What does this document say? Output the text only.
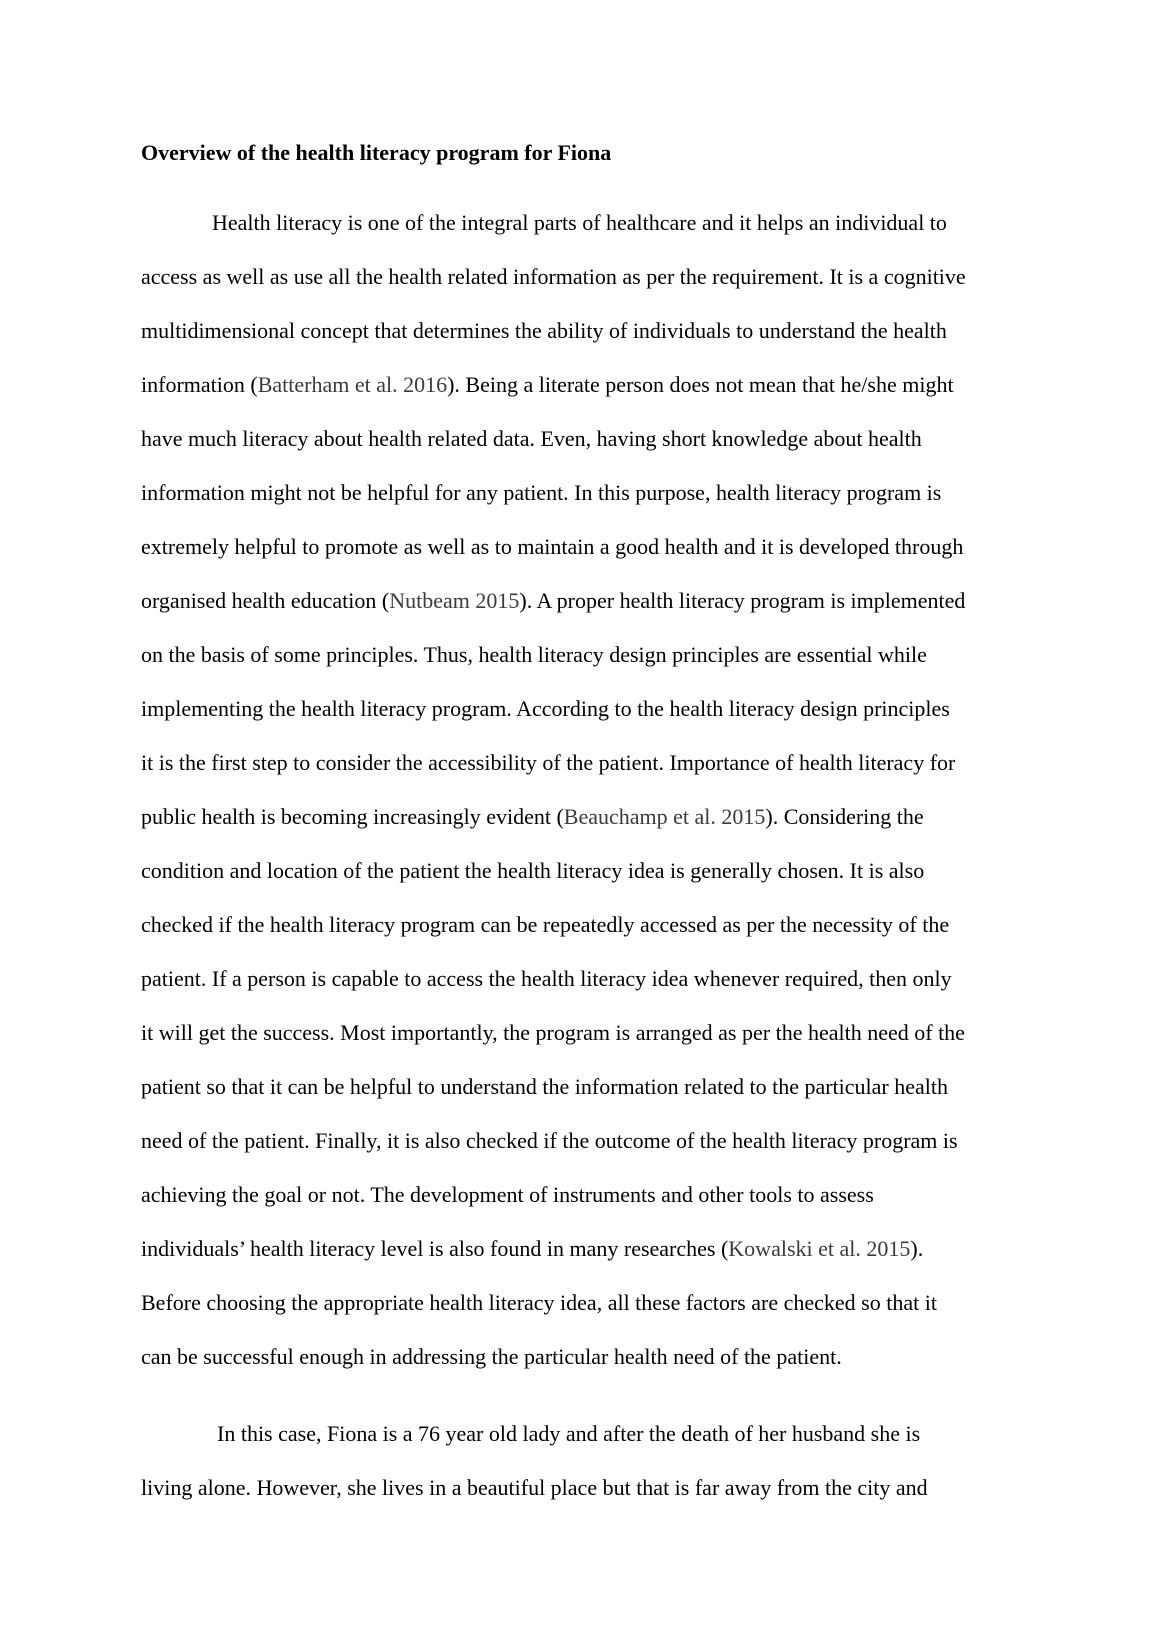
Overview of the health literacy program for Fiona
Health literacy is one of the integral parts of healthcare and it helps an individual to
access as well as use all the health related information as per the requirement. It is a cognitive
multidimensional concept that determines the ability of individuals to understand the health
information (Batterham et al. 2016). Being a literate person does not mean that he/she might
have much literacy about health related data. Even, having short knowledge about health
information might not be helpful for any patient. In this purpose, health literacy program is
extremely helpful to promote as well as to maintain a good health and it is developed through
organised health education (Nutbeam 2015). A proper health literacy program is implemented
on the basis of some principles. Thus, health literacy design principles are essential while
implementing the health literacy program. According to the health literacy design principles
it is the first step to consider the accessibility of the patient. Importance of health literacy for
public health is becoming increasingly evident (Beauchamp et al. 2015). Considering the
condition and location of the patient the health literacy idea is generally chosen. It is also
checked if the health literacy program can be repeatedly accessed as per the necessity of the
patient. If a person is capable to access the health literacy idea whenever required, then only
it will get the success. Most importantly, the program is arranged as per the health need of the
patient so that it can be helpful to understand the information related to the particular health
need of the patient. Finally, it is also checked if the outcome of the health literacy program is
achieving the goal or not. The development of instruments and other tools to assess
individuals’ health literacy level is also found in many researches (Kowalski et al. 2015).
Before choosing the appropriate health literacy idea, all these factors are checked so that it
can be successful enough in addressing the particular health need of the patient.
In this case, Fiona is a 76 year old lady and after the death of her husband she is
living alone. However, she lives in a beautiful place but that is far away from the city and
